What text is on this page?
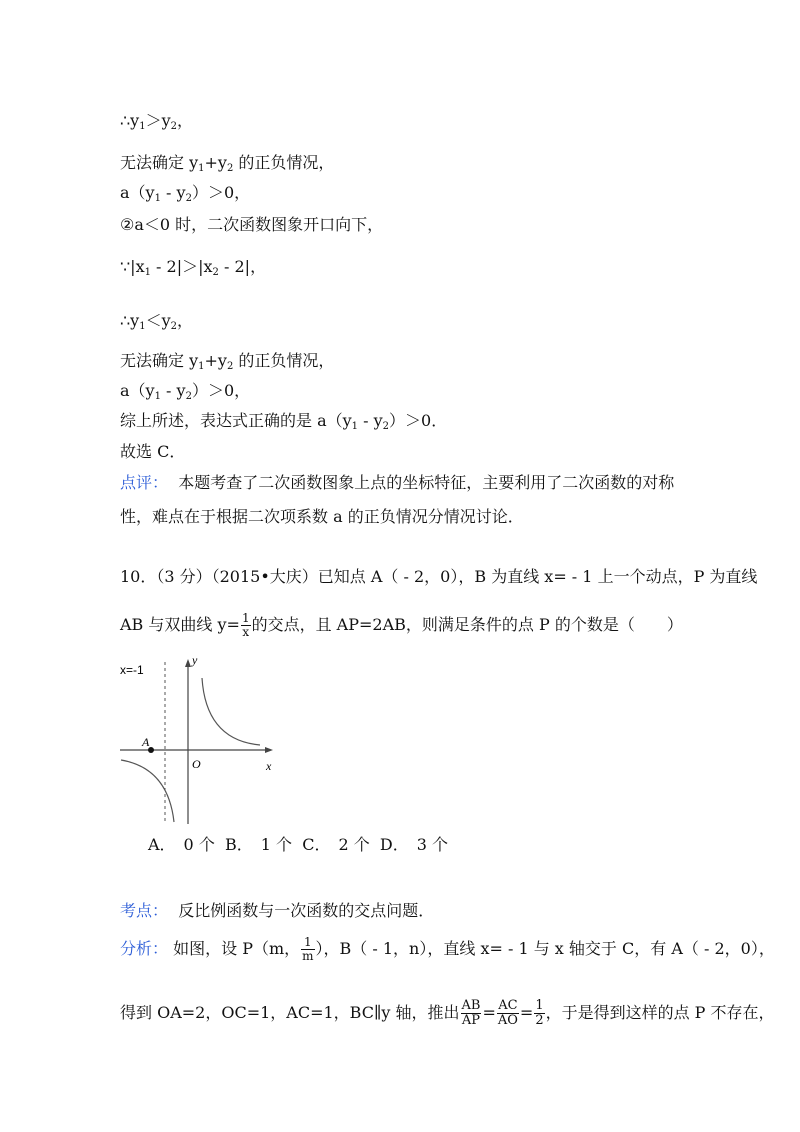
$\therefore y_1>y_2$，
无法确定 $y_1+y_2$ 的正负情况，
$a(y_1 - y_2)>0$，
②a＜0 时，二次函数图象开口向下，
$\because|x_1 - 2|>|x_2 - 2|$，
$\therefore y_1<y_2$，
无法确定 $y_1+y_2$ 的正负情况，
$a(y_1 - y_2)>0$，
综上所述，表达式正确的是 $a(y_1 - y_2)>0$．
故选 C．
点评： 本题考查了二次函数图象上点的坐标特征，主要利用了二次函数的对称
性，难点在于根据二次项系数 a 的正负情况分情况讨论．
10．（3 分）（2015•大庆）已知点 A（ - 2，0），B 为直线 x= - 1 上一个动点，P 为直线
AB 与双曲线 $y= \frac{1}{x}$ 的交点，且 AP=2AB，则满足条件的点 P 的个数是（　　）
x=-1
y
x
O
A
A．　0 个 B．　1 个 C．　2 个 D．　3 个
考点： 反比例函数与一次函数的交点问题．
分析： 如图，设 P（m， $\frac{1}{m}$ ），B（ - 1，n），直线 x= - 1 与 x 轴交于 C，有 A（ - 2，0），
得到 OA=2，OC=1，AC=1，BC∥y 轴，推出 $\frac{AB}{AP} = \frac{AC}{AO} = \frac{1}{2}$ ，于是得到这样的点 P 不存在，
